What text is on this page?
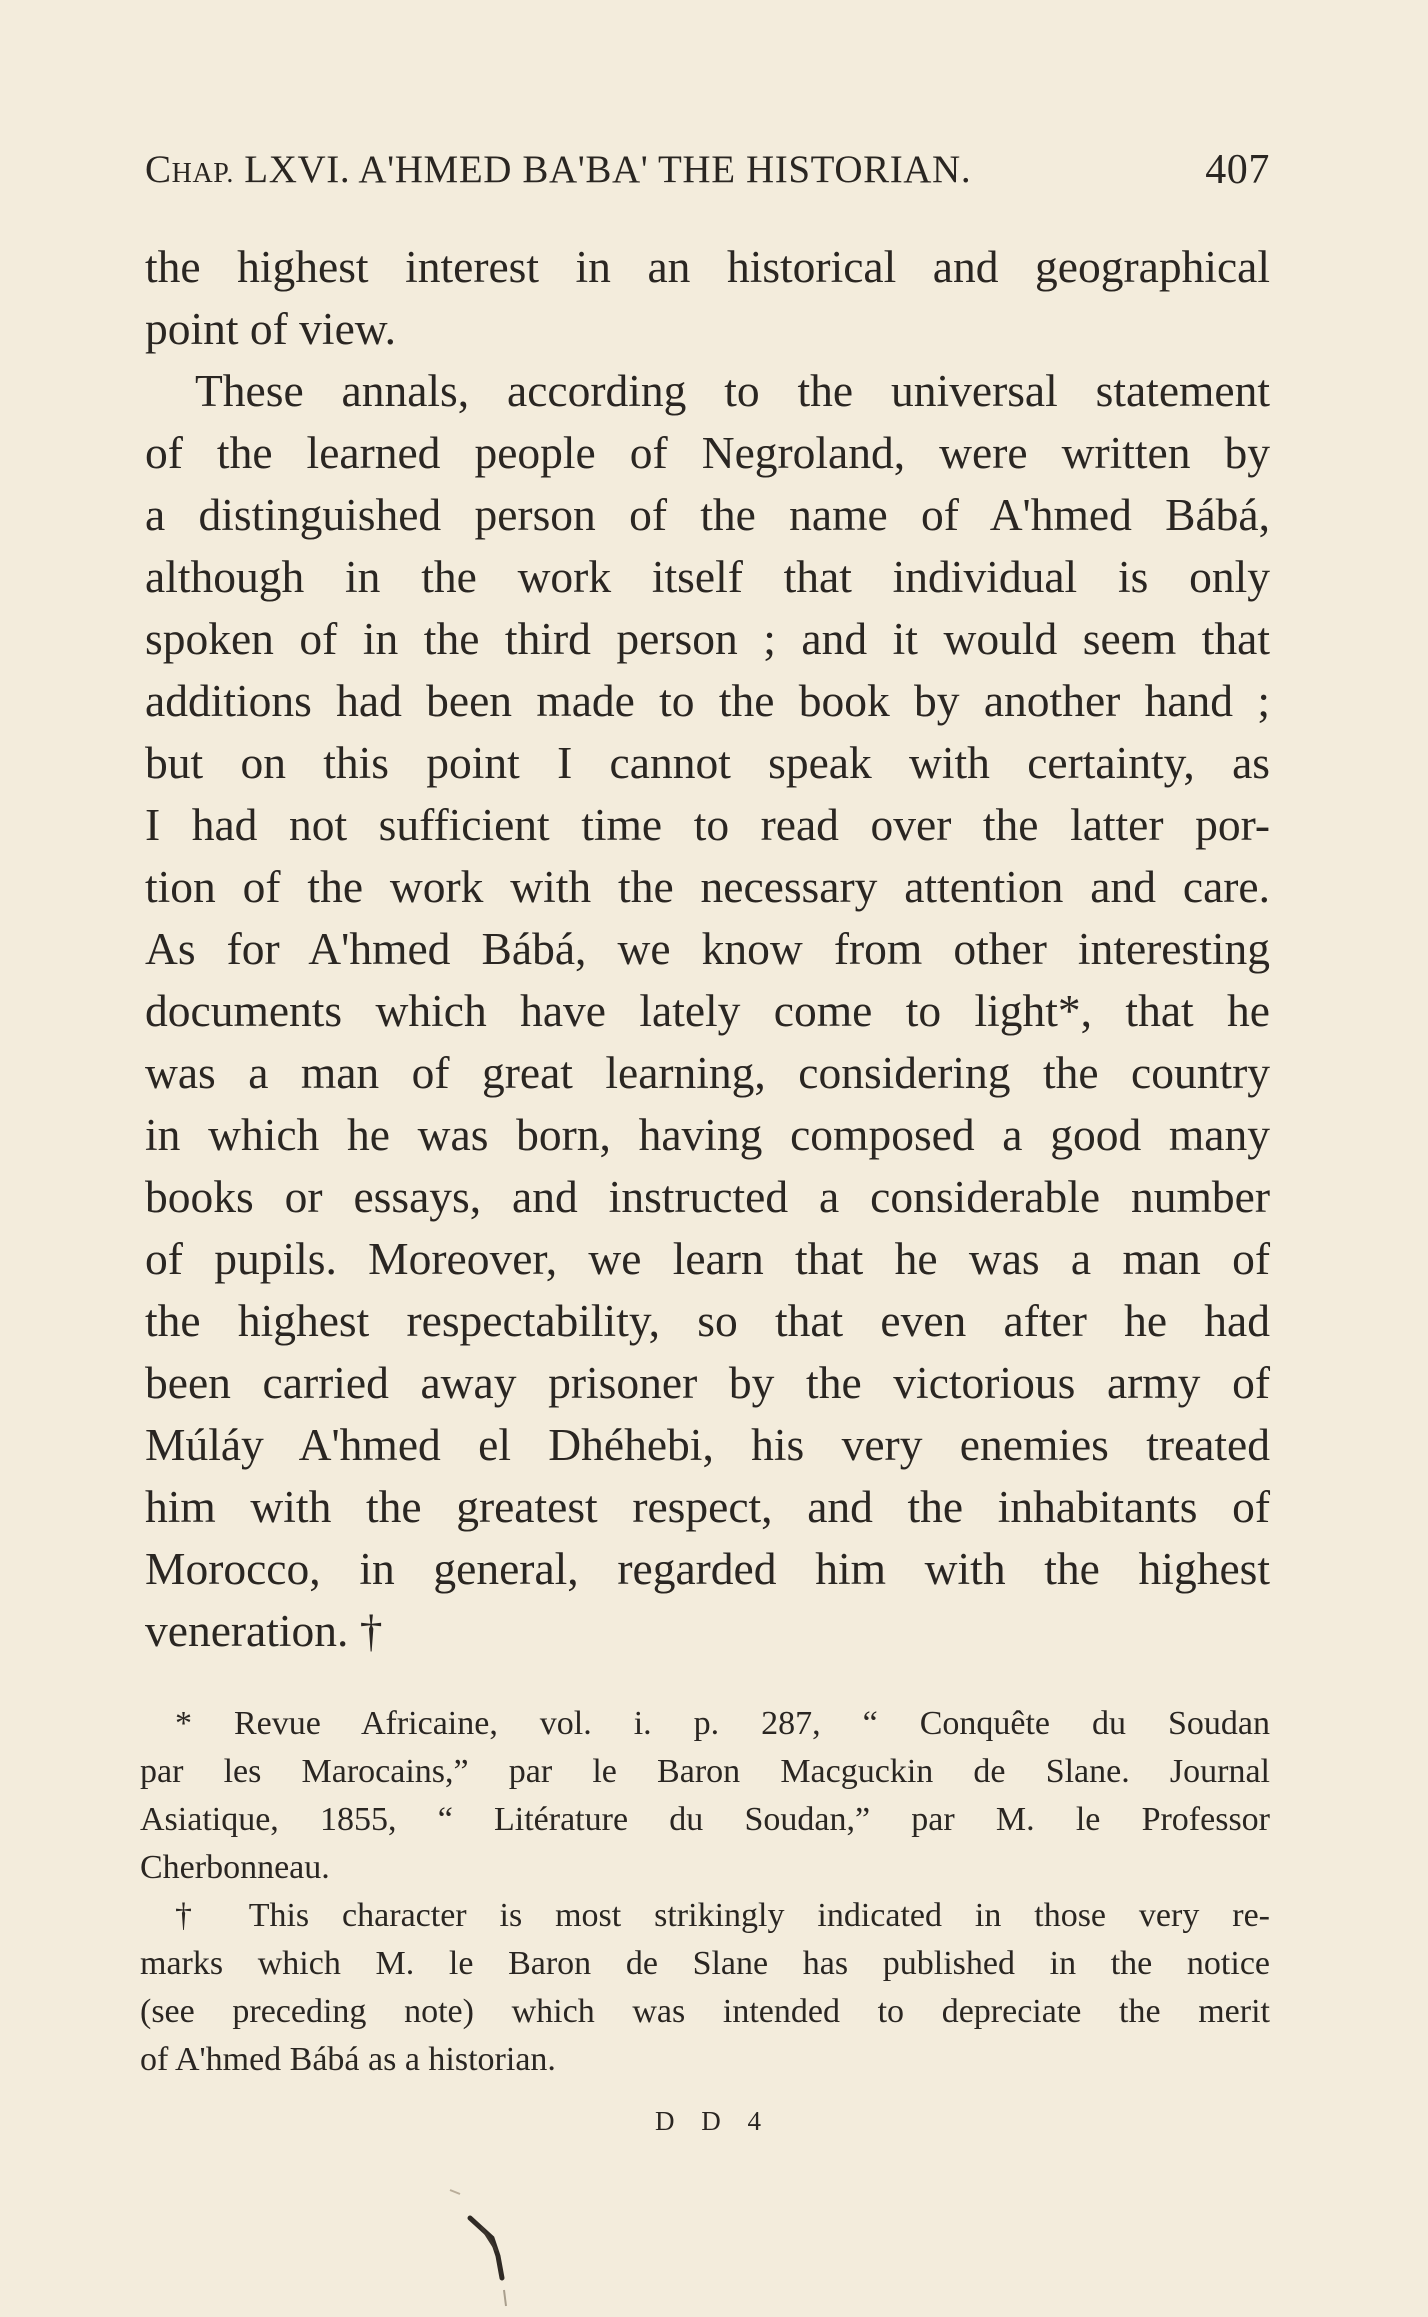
CHAP. LXVI. A'HMED BA'BA' THE HISTORIAN.	407
the highest interest in an historical and geographical
point of view.
These annals, according to the universal statement
of the learned people of Negroland, were written by
a distinguished person of the name of A'hmed Bábá,
although in the work itself that individual is only
spoken of in the third person ; and it would seem that
additions had been made to the book by another hand ;
but on this point I cannot speak with certainty, as
I had not sufficient time to read over the latter por-
tion of the work with the necessary attention and care.
As for A'hmed Bábá, we know from other interesting
documents which have lately come to light*, that he
was a man of great learning, considering the country
in which he was born, having composed a good many
books or essays, and instructed a considerable number
of pupils. Moreover, we learn that he was a man of
the highest respectability, so that even after he had
been carried away prisoner by the victorious army of
Múláy A'hmed el Dhéhebi, his very enemies treated
him with the greatest respect, and the inhabitants of
Morocco, in general, regarded him with the highest
veneration. †
* Revue Africaine, vol. i. p. 287, “ Conquête du Soudan
par les Marocains,” par le Baron Macguckin de Slane. Journal
Asiatique, 1855, “ Litérature du Soudan,” par M. le Professor
Cherbonneau.
† This character is most strikingly indicated in those very re-
marks which M. le Baron de Slane has published in the notice
(see preceding note) which was intended to depreciate the merit
of A'hmed Bábá as a historian.
D D 4
